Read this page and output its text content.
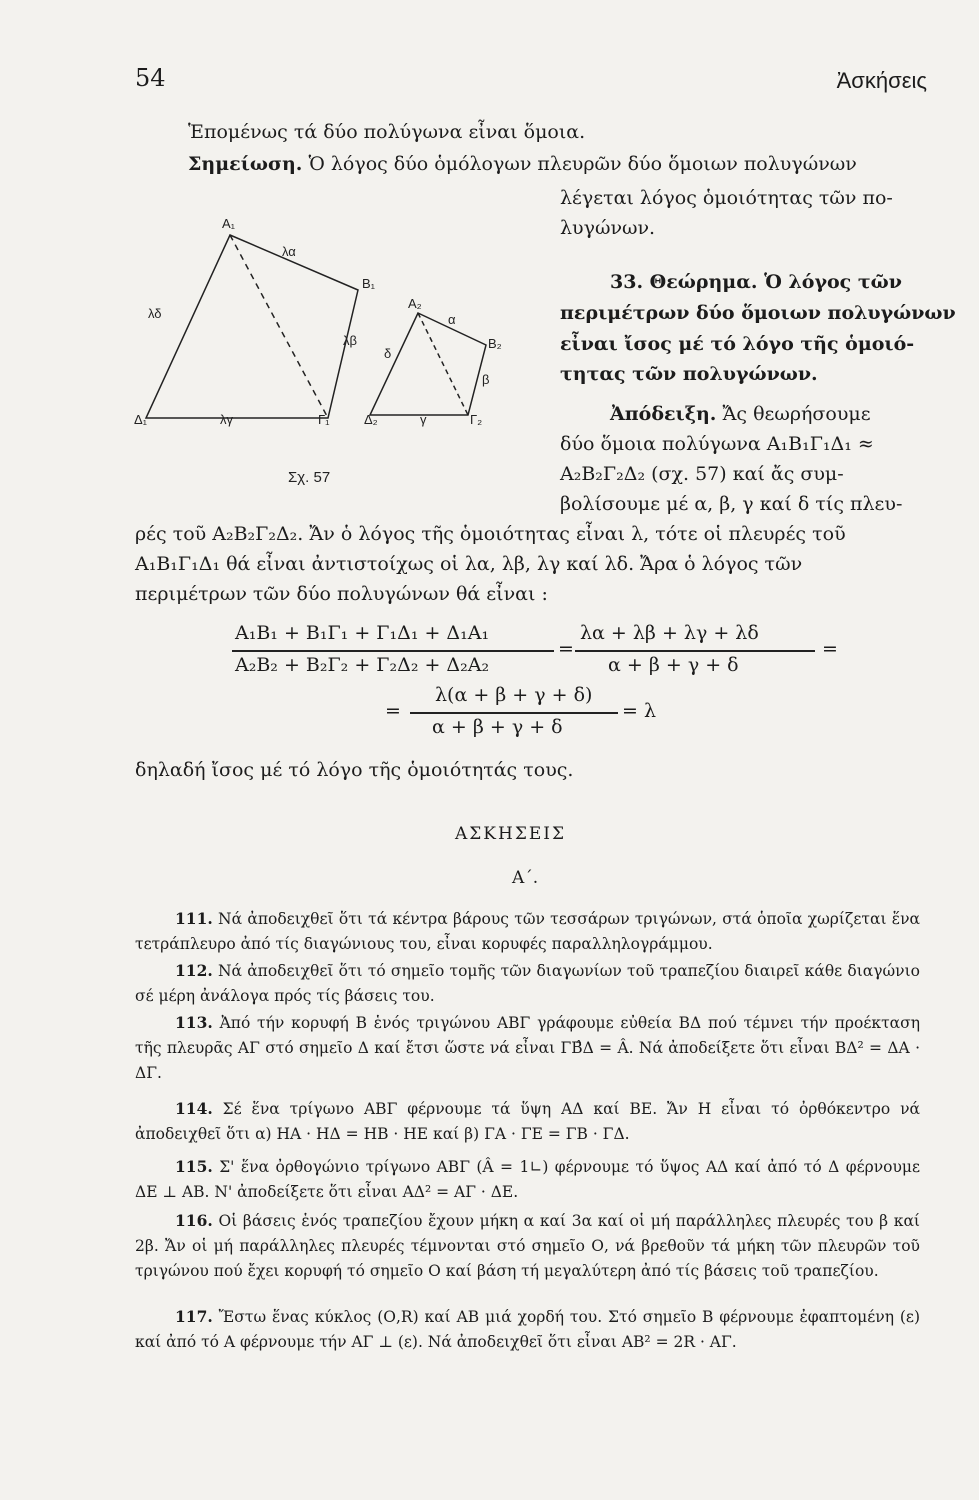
54	Ἀσκήσεις
Ἑπομένως τά δύο πολύγωνα εἶναι ὅμοια.
Σημείωση. Ὁ λόγος δύο ὁμόλογων πλευρῶν δύο ὅμοιων πολυγώνων
λέγεται λόγος ὁμοιότητας τῶν πο-
λυγώνων.
Α₁
Β₁
Γ₁
Δ₁
λα
λβ
λγ
λδ
Α₂
Β₂
Γ₂
Δ₂
α
β
γ
δ
Σχ. 57
33. Θεώρημα. Ὁ λόγος τῶν
περιμέτρων δύο ὅμοιων πολυγώνων
εἶναι ἴσος μέ τό λόγο τῆς ὁμοιό-
τητας τῶν πολυγώνων.
Ἀπόδειξη. Ἄς θεωρήσουμε
δύο ὅμοια πολύγωνα Α₁Β₁Γ₁Δ₁ ≈
Α₂Β₂Γ₂Δ₂ (σχ. 57) καί ἄς συμ-
βολίσουμε μέ α, β, γ καί δ τίς πλευ-
ρές τοῦ Α₂Β₂Γ₂Δ₂. Ἄν ὁ λόγος τῆς ὁμοιότητας εἶναι λ, τότε οἱ πλευρές τοῦ
Α₁Β₁Γ₁Δ₁ θά εἶναι ἀντιστοίχως οἱ λα, λβ, λγ καί λδ. Ἄρα ὁ λόγος τῶν
περιμέτρων τῶν δύο πολυγώνων θά εἶναι :
Α₁Β₁ + Β₁Γ₁ + Γ₁Δ₁ + Δ₁Α₁
Α₂Β₂ + Β₂Γ₂ + Γ₂Δ₂ + Δ₂Α₂
=
λα + λβ + λγ + λδ
α + β + γ + δ
=
=
λ(α + β + γ + δ)
α + β + γ + δ
= λ
δηλαδή ἴσος μέ τό λόγο τῆς ὁμοιότητάς τους.
ΑΣΚΗΣΕΙΣ
Α΄.
111. Νά ἀποδειχθεῖ ὅτι τά κέντρα βάρους τῶν τεσσάρων τριγώνων, στά ὁποῖα χωρίζεται ἕνα τετράπλευρο ἀπό τίς διαγώνιους του, εἶναι κορυφές παραλληλογράμμου.
112. Νά ἀποδειχθεῖ ὅτι τό σημεῖο τομῆς τῶν διαγωνίων τοῦ τραπεζίου διαιρεῖ κάθε διαγώνιο σέ μέρη ἀνάλογα πρός τίς βάσεις του.
113. Ἀπό τήν κορυφή Β ἑνός τριγώνου ΑΒΓ γράφουμε εὐθεία ΒΔ πού τέμνει τήν προέκταση τῆς πλευρᾶς ΑΓ στό σημεῖο Δ καί ἔτσι ὥστε νά εἶναι ΓΒ̂Δ = Â. Νά ἀποδείξετε ὅτι εἶναι ΒΔ² = ΔΑ · ΔΓ.
114. Σέ ἕνα τρίγωνο ΑΒΓ φέρνουμε τά ὕψη ΑΔ καί ΒΕ. Ἄν Η εἶναι τό ὀρθόκεντρο νά ἀποδειχθεῖ ὅτι α) ΗΑ · ΗΔ = ΗΒ · ΗΕ καί β) ΓΑ · ΓΕ = ΓΒ · ΓΔ.
115. Σ' ἕνα ὀρθογώνιο τρίγωνο ΑΒΓ (Â = 1∟) φέρνουμε τό ὕψος ΑΔ καί ἀπό τό Δ φέρνουμε ΔΕ ⊥ ΑΒ. Ν' ἀποδείξετε ὅτι εἶναι ΑΔ² = ΑΓ · ΔΕ.
116. Οἱ βάσεις ἑνός τραπεζίου ἔχουν μήκη α καί 3α καί οἱ μή παράλληλες πλευρές του β καί 2β. Ἄν οἱ μή παράλληλες πλευρές τέμνονται στό σημεῖο Ο, νά βρεθοῦν τά μήκη τῶν πλευρῶν τοῦ τριγώνου πού ἔχει κορυφή τό σημεῖο Ο καί βάση τή μεγαλύτερη ἀπό τίς βάσεις τοῦ τραπεζίου.
117. Ἔστω ἕνας κύκλος (Ο,R) καί ΑΒ μιά χορδή του. Στό σημεῖο Β φέρνουμε ἐφαπτομένη (ε) καί ἀπό τό Α φέρνουμε τήν ΑΓ ⊥ (ε). Νά ἀποδειχθεῖ ὅτι εἶναι ΑΒ² = 2R · ΑΓ.
